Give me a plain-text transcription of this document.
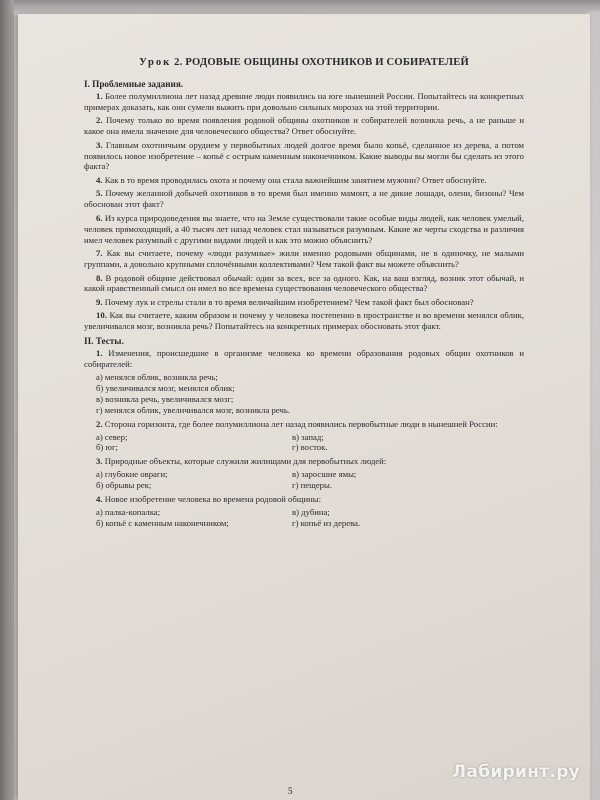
Урок 2. РОДОВЫЕ ОБЩИНЫ ОХОТНИКОВ И СОБИРАТЕЛЕЙ
I. Проблемные задания.
1. Более полумиллиона лет назад древние люди появились на юге нынешней России. Попытайтесь на конкретных примерах доказать, как они сумели выжить при довольно сильных морозах на этой территории.
2. Почему только во время появления родовой общины охотников и собирателей возникла речь, а не раньше и какое она имела значение для человеческого общества? Ответ обоснуйте.
3. Главным охотничьим орудием у первобытных людей долгое время было копьё, сделанное из дерева, а потом появилось новое изобретение – копьё с острым каменным наконечником. Какие выводы вы могли бы сделать из этого факта?
4. Как в то время проводилась охота и почему она стала важнейшим занятием мужчин? Ответ обоснуйте.
5. Почему желанной добычей охотников в то время был именно мамонт, а не дикие лошади, олени, бизоны? Чем обоснован этот факт?
6. Из курса природоведения вы знаете, что на Земле существовали такие особые виды людей, как человек умелый, человек прямоходящий, а 40 тысяч лет назад человек стал называться разумным. Какие же черты сходства и различия имел человек разумный с другими видами людей и как это можно объяснить?
7. Как вы считаете, почему «люди разумные» жили именно родовыми общинами, не в одиночку, не малыми группами, а довольно крупными сплочёнными коллективами? Чем такой факт вы можете объяснить?
8. В родовой общине действовал обычай: один за всех, все за одного. Как, на ваш взгляд, возник этот обычай, и какой нравственный смысл он имел во все времена существования человеческого общества?
9. Почему лук и стрелы стали в то время величайшим изобретением? Чем такой факт был обоснован?
10. Как вы считаете, каким образом и почему у человека постепенно в пространстве и во времени менялся облик, увеличивался мозг, возникла речь? Попытайтесь на конкретных примерах обосновать этот факт.
II. Тесты.
1. Изменения, происшедшие в организме человека ко времени образования родовых общин охотников и собирателей:
а) менялся облик, возникла речь;
б) увеличивался мозг, менялся облик;
в) возникла речь, увеличивался мозг;
г) менялся облик, увеличивался мозг, возникла речь.
2. Сторона горизонта, где более полумиллиона лет назад появились первобытные люди в нынешней России:
а) север;	в) запад;
б) юг;	г) восток.
3. Природные объекты, которые служили жилищами для первобытных людей:
а) глубокие овраги;	в) заросшие ямы;
б) обрывы рек;	г) пещеры.
4. Новое изобретение человека во времена родовой общины:
а) палка-копалка;	в) дубина;
б) копьё с каменным наконечником;	г) копьё из дерева.
5
Лабиринт.ру
